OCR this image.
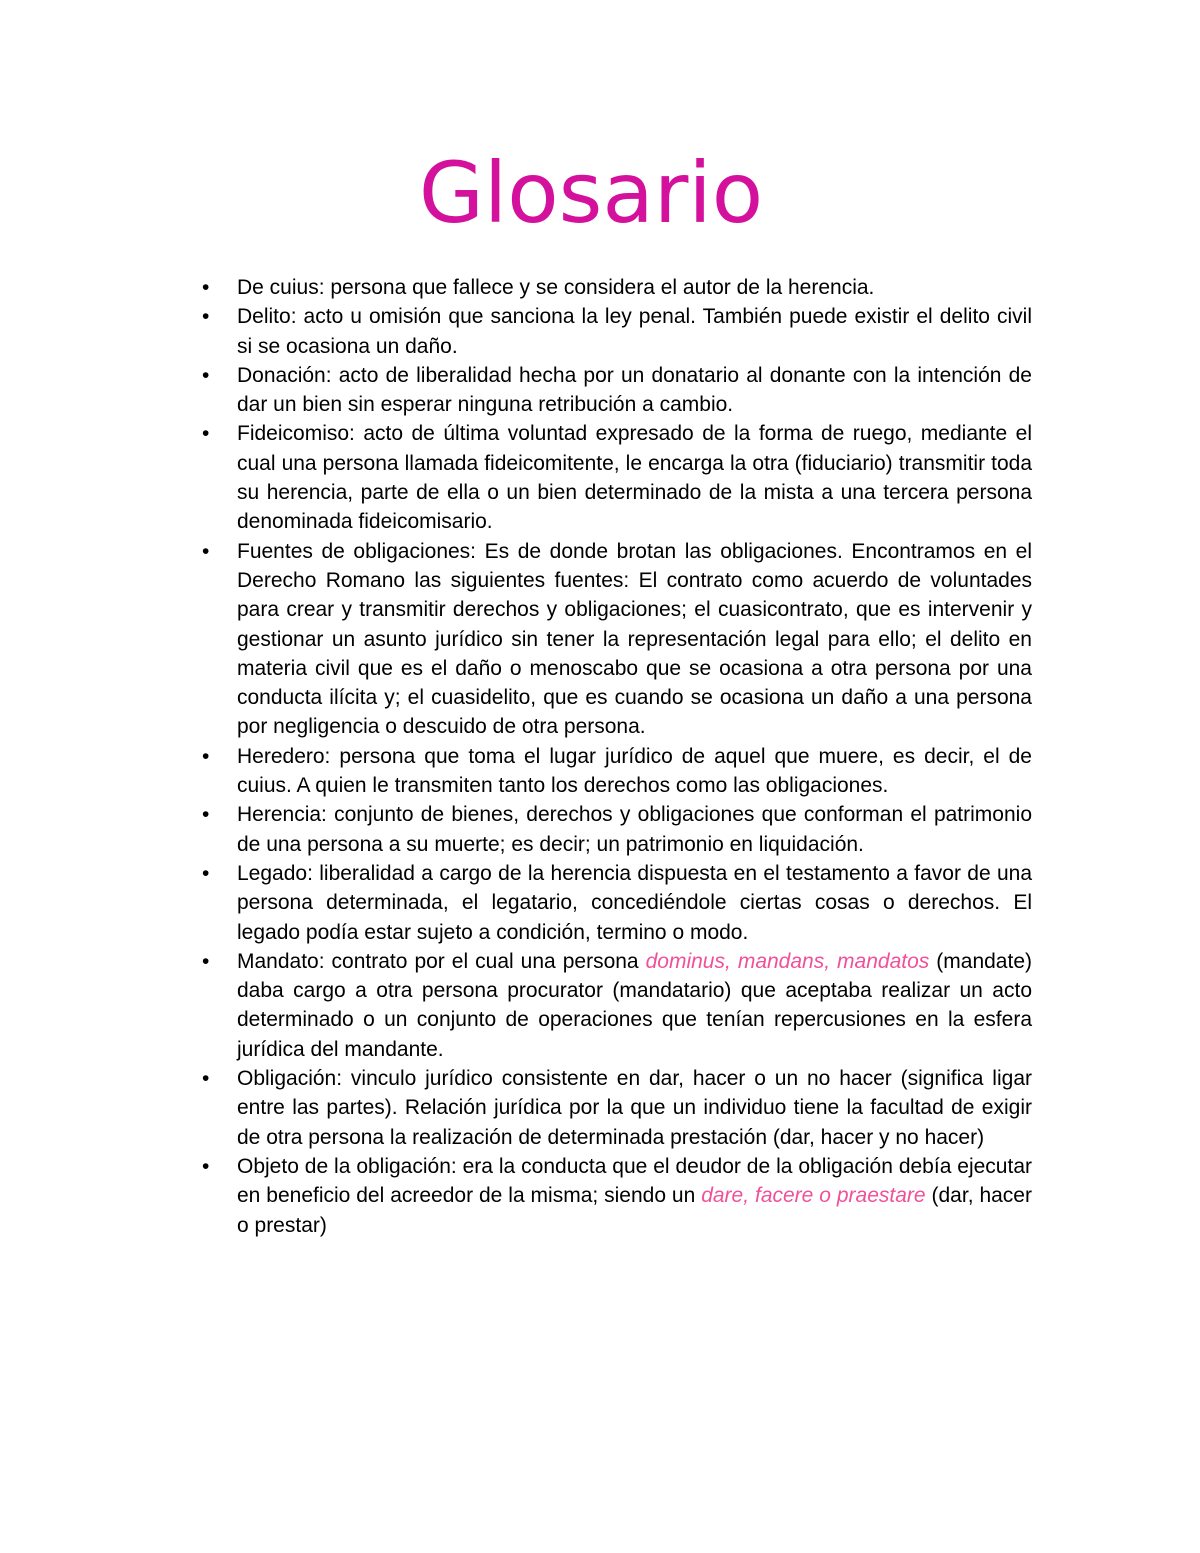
Glosario
• De cuius: persona que fallece y se considera el autor de la herencia.
• Delito: acto u omisión que sanciona la ley penal. También puede existir el delito civil si se ocasiona un daño.
• Donación: acto de liberalidad hecha por un donatario al donante con la intención de dar un bien sin esperar ninguna retribución a cambio.
• Fideicomiso: acto de última voluntad expresado de la forma de ruego, mediante el cual una persona llamada fideicomitente, le encarga la otra (fiduciario) transmitir toda su herencia, parte de ella o un bien determinado de la mista a una tercera persona denominada fideicomisario.
• Fuentes de obligaciones: Es de donde brotan las obligaciones. Encontramos en el Derecho Romano las siguientes fuentes: El contrato como acuerdo de voluntades para crear y transmitir derechos y obligaciones; el cuasicontrato, que es intervenir y gestionar un asunto jurídico sin tener la representación legal para ello; el delito en materia civil que es el daño o menoscabo que se ocasiona a otra persona por una conducta ilícita y; el cuasidelito, que es cuando se ocasiona un daño a una persona por negligencia o descuido de otra persona.
• Heredero: persona que toma el lugar jurídico de aquel que muere, es decir, el de cuius. A quien le transmiten tanto los derechos como las obligaciones.
• Herencia: conjunto de bienes, derechos y obligaciones que conforman el patrimonio de una persona a su muerte; es decir; un patrimonio en liquidación.
• Legado: liberalidad a cargo de la herencia dispuesta en el testamento a favor de una persona determinada, el legatario, concediéndole ciertas cosas o derechos. El legado podía estar sujeto a condición, termino o modo.
• Mandato: contrato por el cual una persona dominus, mandans, mandatos (mandate) daba cargo a otra persona procurator (mandatario) que aceptaba realizar un acto determinado o un conjunto de operaciones que tenían repercusiones en la esfera jurídica del mandante.
• Obligación: vinculo jurídico consistente en dar, hacer o un no hacer (significa ligar entre las partes). Relación jurídica por la que un individuo tiene la facultad de exigir de otra persona la realización de determinada prestación (dar, hacer y no hacer)
• Objeto de la obligación: era la conducta que el deudor de la obligación debía ejecutar en beneficio del acreedor de la misma; siendo un dare, facere o praestare (dar, hacer o prestar)
